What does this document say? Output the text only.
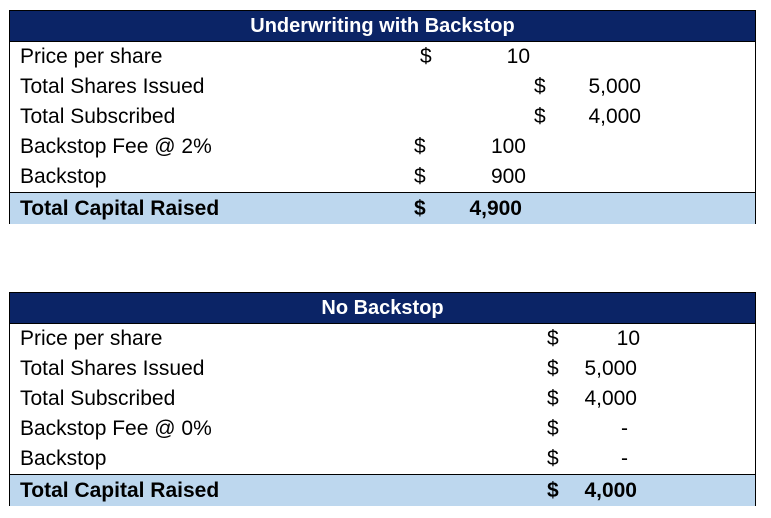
Underwriting with Backstop
Price per share	$	10
Total Shares Issued	$ 5,000
Total Subscribed	$ 4,000
Backstop Fee @ 2%	$	100
Backstop	$	900
Total Capital Raised	$ 4,900
No Backstop
Price per share	$	10
Total Shares Issued	$ 5,000
Total Subscribed	$ 4,000
Backstop Fee @ 0%	$	-
Backstop	$	-
Total Capital Raised	$ 4,000
